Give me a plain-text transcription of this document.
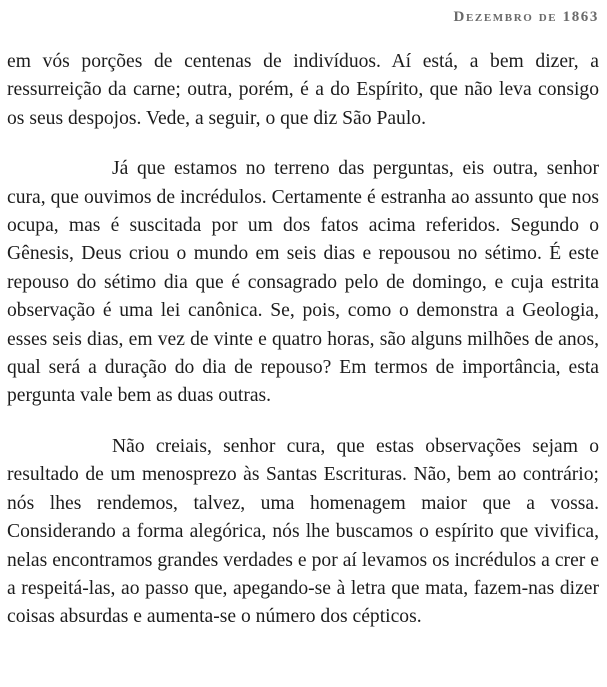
Dezembro de 1863

em vós porções de centenas de indivíduos. Aí está, a bem dizer, a ressurreição da carne; outra, porém, é a do Espírito, que não leva consigo os seus despojos. Vede, a seguir, o que diz São Paulo.

Já que estamos no terreno das perguntas, eis outra, senhor cura, que ouvimos de incrédulos. Certamente é estranha ao assunto que nos ocupa, mas é suscitada por um dos fatos acima referidos. Segundo o Gênesis, Deus criou o mundo em seis dias e repousou no sétimo. É este repouso do sétimo dia que é consagrado pelo de domingo, e cuja estrita observação é uma lei canônica. Se, pois, como o demonstra a Geologia, esses seis dias, em vez de vinte e quatro horas, são alguns milhões de anos, qual será a duração do dia de repouso? Em termos de importância, esta pergunta vale bem as duas outras.

Não creiais, senhor cura, que estas observações sejam o resultado de um menosprezo às Santas Escrituras. Não, bem ao contrário; nós lhes rendemos, talvez, uma homenagem maior que a vossa. Considerando a forma alegórica, nós lhe buscamos o espírito que vivifica, nelas encontramos grandes verdades e por aí levamos os incrédulos a crer e a respeitá-las, ao passo que, apegando-se à letra que mata, fazem-nas dizer coisas absurdas e aumenta-se o número dos cépticos.
